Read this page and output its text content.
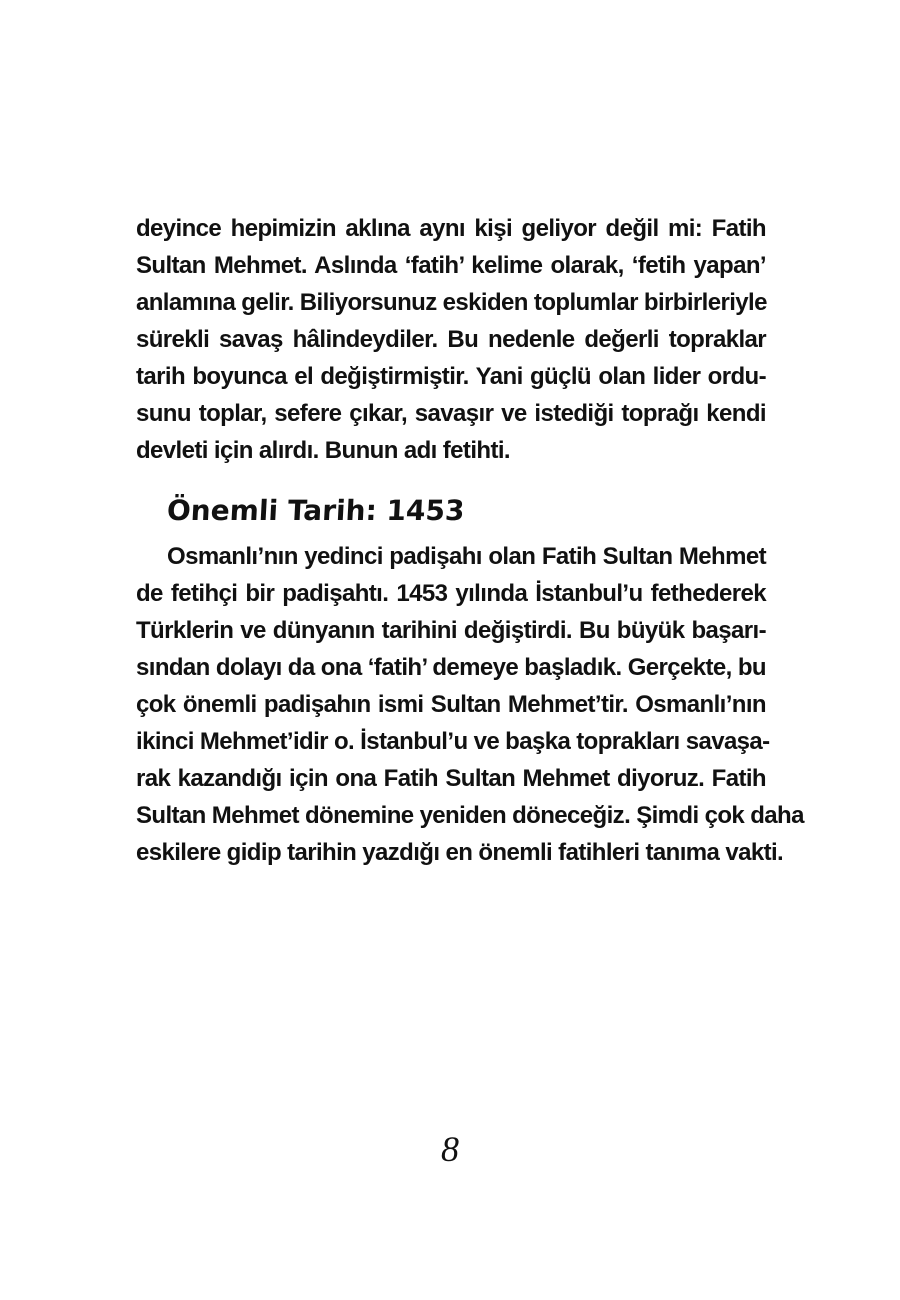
deyince hepimizin aklına aynı kişi geliyor değil mi: Fatih
Sultan Mehmet. Aslında ‘fatih’ kelime olarak, ‘fetih yapan’
anlamına gelir. Biliyorsunuz eskiden toplumlar birbirleriyle
sürekli savaş hâlindeydiler. Bu nedenle değerli topraklar
tarih boyunca el değiştirmiştir. Yani güçlü olan lider ordu-
sunu toplar, sefere çıkar, savaşır ve istediği toprağı kendi
devleti için alırdı. Bunun adı fetihti.
Önemli Tarih: 1453
Osmanlı’nın yedinci padişahı olan Fatih Sultan Mehmet
de fetihçi bir padişahtı. 1453 yılında İstanbul’u fethederek
Türklerin ve dünyanın tarihini değiştirdi. Bu büyük başarı-
sından dolayı da ona ‘fatih’ demeye başladık. Gerçekte, bu
çok önemli padişahın ismi Sultan Mehmet’tir. Osmanlı’nın
ikinci Mehmet’idir o. İstanbul’u ve başka toprakları savaşa-
rak kazandığı için ona Fatih Sultan Mehmet diyoruz. Fatih
Sultan Mehmet dönemine yeniden döneceğiz. Şimdi çok daha
eskilere gidip tarihin yazdığı en önemli fatihleri tanıma vakti.
8
